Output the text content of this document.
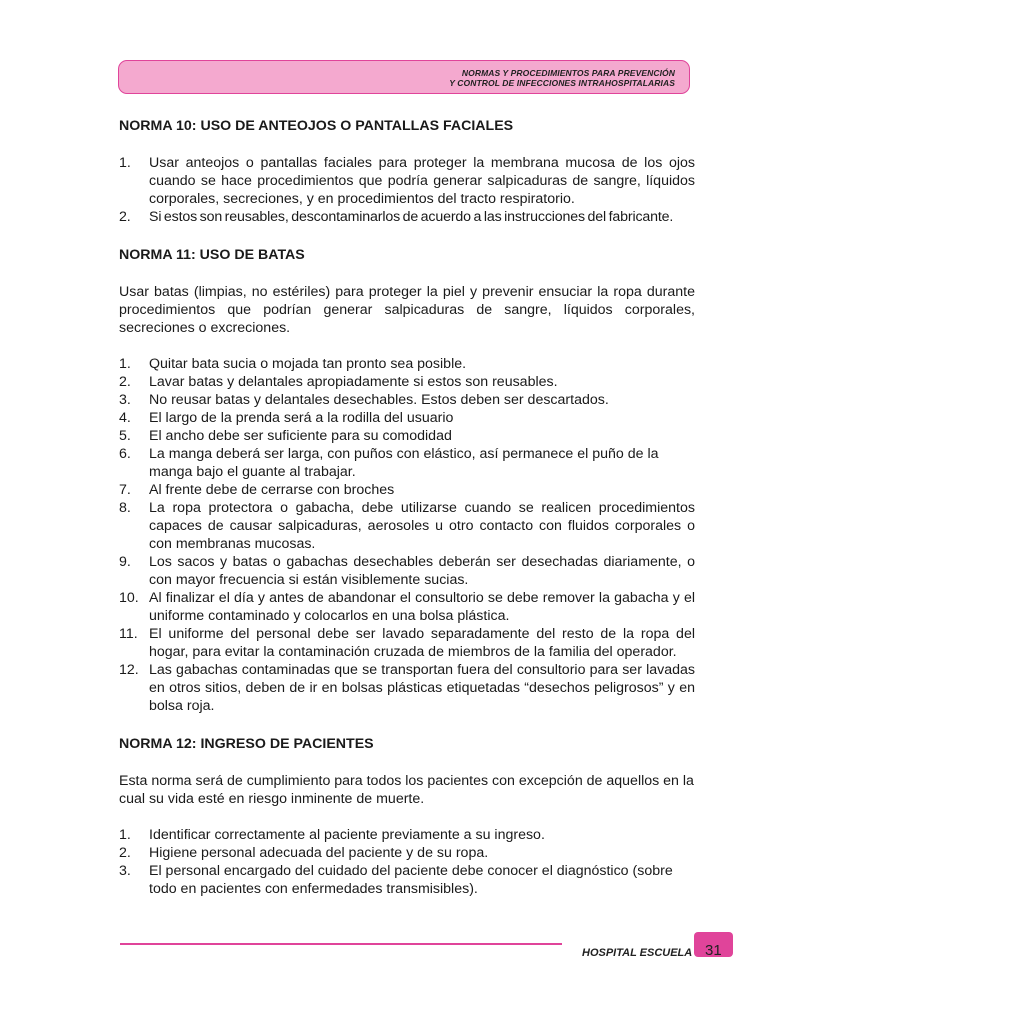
NORMAS Y PROCEDIMIENTOS PARA PREVENCIÓN
Y CONTROL DE INFECCIONES INTRAHOSPITALARIAS
NORMA 10: USO DE ANTEOJOS O PANTALLAS FACIALES
1. Usar anteojos o pantallas faciales para proteger la membrana mucosa de los ojos cuando se hace procedimientos que podría generar salpicaduras de sangre, líquidos corporales, secreciones, y en procedimientos del tracto respiratorio.
2. Si estos son reusables, descontaminarlos de acuerdo a las instrucciones del fabricante.
NORMA 11: USO DE BATAS

Usar batas (limpias, no estériles) para proteger la piel y prevenir ensuciar la ropa durante procedimientos que podrían generar salpicaduras de sangre, líquidos corporales, secreciones o excreciones.

1. Quitar bata sucia o mojada tan pronto sea posible.
2. Lavar batas y delantales apropiadamente si estos son reusables.
3. No reusar batas y delantales desechables. Estos deben ser descartados.
4. El largo de la prenda será a la rodilla del usuario
5. El ancho debe ser suficiente para su comodidad
6. La manga deberá ser larga, con puños con elástico, así permanece el puño de la manga bajo el guante al trabajar.
7. Al frente debe de cerrarse con broches
8. La ropa protectora o gabacha, debe utilizarse cuando se realicen procedimientos capaces de causar salpicaduras, aerosoles u otro contacto con fluidos corporales o con membranas mucosas.
9. Los sacos y batas o gabachas desechables deberán ser desechadas diariamente, o con mayor frecuencia si están visiblemente sucias.
10. Al finalizar el día y antes de abandonar el consultorio se debe remover la gabacha y el uniforme contaminado y colocarlos en una bolsa plástica.
11. El uniforme del personal debe ser lavado separadamente del resto de la ropa del hogar, para evitar la contaminación cruzada de miembros de la familia del operador.
12. Las gabachas contaminadas que se transportan fuera del consultorio para ser lavadas en otros sitios, deben de ir en bolsas plásticas etiquetadas “desechos peligrosos” y en bolsa roja.
NORMA 12: INGRESO DE PACIENTES

Esta norma será de cumplimiento para todos los pacientes con excepción de aquellos en la cual su vida esté en riesgo inminente de muerte.

1. Identificar correctamente al paciente previamente a su ingreso.
2. Higiene personal adecuada del paciente y de su ropa.
3. El personal encargado del cuidado del paciente debe conocer el diagnóstico (sobre todo en pacientes con enfermedades transmisibles).
HOSPITAL ESCUELA 31
